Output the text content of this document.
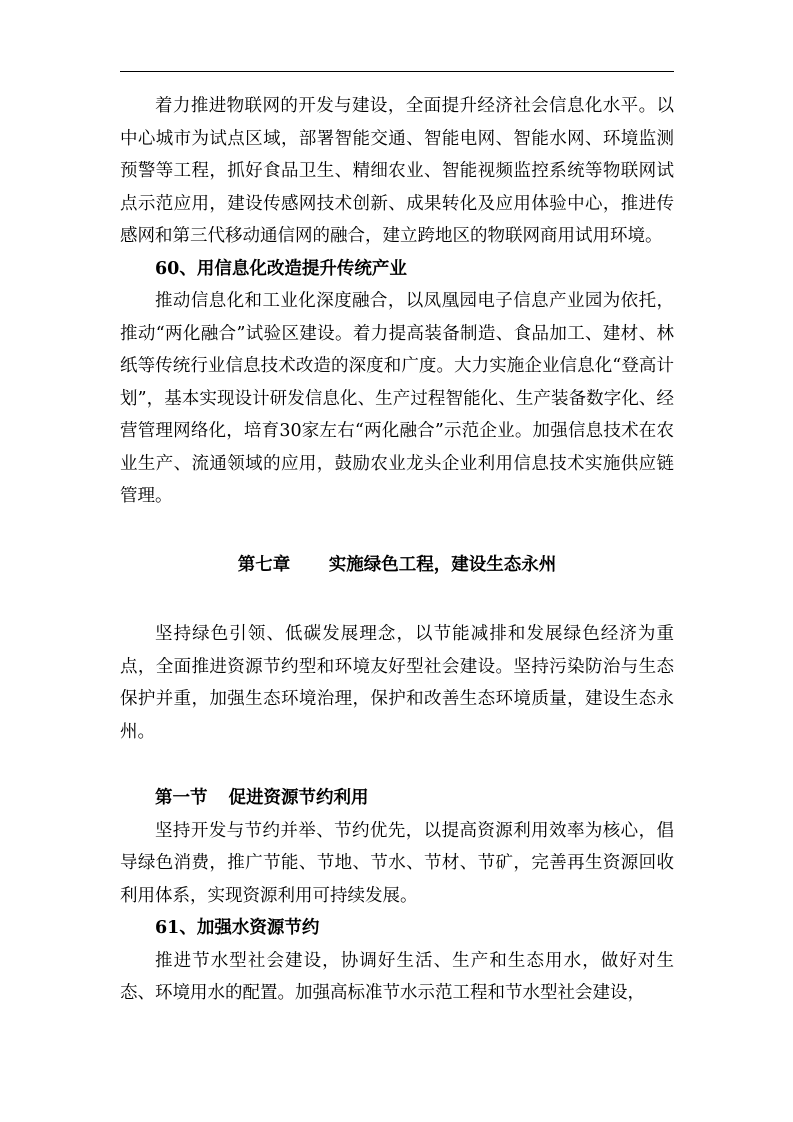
着力推进物联网的开发与建设，全面提升经济社会信息化水平。以中心城市为试点区域，部署智能交通、智能电网、智能水网、环境监测预警等工程，抓好食品卫生、精细农业、智能视频监控系统等物联网试点示范应用，建设传感网技术创新、成果转化及应用体验中心，推进传感网和第三代移动通信网的融合，建立跨地区的物联网商用试用环境。

60、用信息化改造提升传统产业

推动信息化和工业化深度融合，以凤凰园电子信息产业园为依托，推动“两化融合”试验区建设。着力提高装备制造、食品加工、建材、林纸等传统行业信息技术改造的深度和广度。大力实施企业信息化“登高计划”，基本实现设计研发信息化、生产过程智能化、生产装备数字化、经营管理网络化，培育30家左右“两化融合”示范企业。加强信息技术在农业生产、流通领域的应用，鼓励农业龙头企业利用信息技术实施供应链管理。

第七章 实施绿色工程，建设生态永州

坚持绿色引领、低碳发展理念，以节能减排和发展绿色经济为重点，全面推进资源节约型和环境友好型社会建设。坚持污染防治与生态保护并重，加强生态环境治理，保护和改善生态环境质量，建设生态永州。

第一节 促进资源节约利用

坚持开发与节约并举、节约优先，以提高资源利用效率为核心，倡导绿色消费，推广节能、节地、节水、节材、节矿，完善再生资源回收利用体系，实现资源利用可持续发展。

61、加强水资源节约

推进节水型社会建设，协调好生活、生产和生态用水，做好对生态、环境用水的配置。加强高标准节水示范工程和节水型社会建设，
